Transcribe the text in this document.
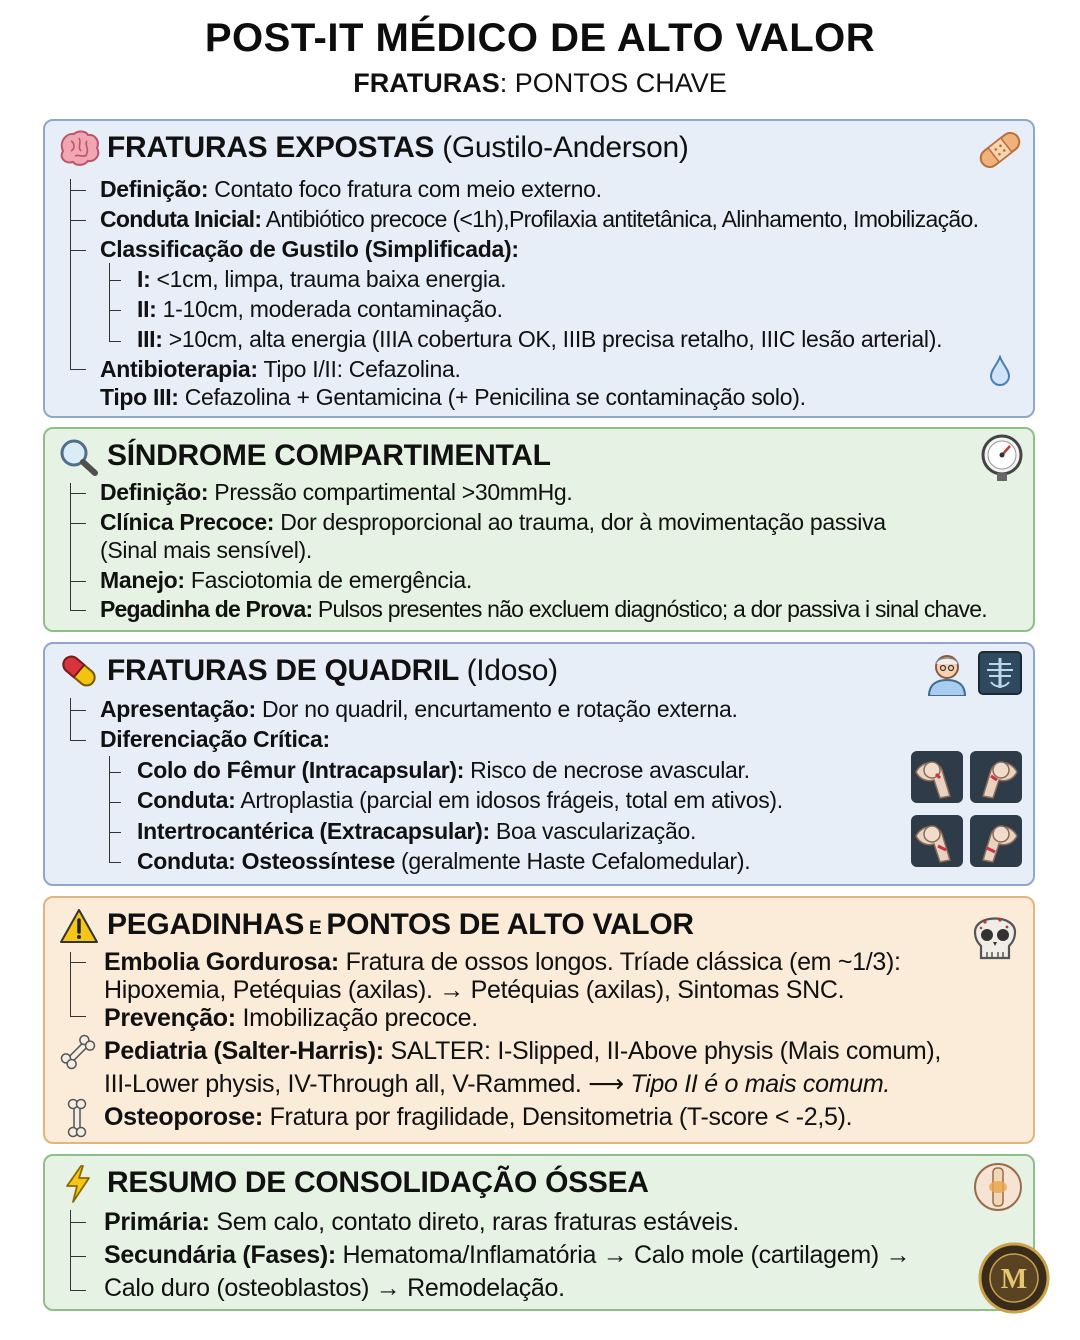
POST-IT MÉDICO DE ALTO VALOR
FRATURAS: PONTOS CHAVE
FRATURAS EXPOSTAS (Gustilo-Anderson)
Definição: Contato foco fratura com meio externo.
Conduta Inicial: Antibiótico precoce (<1h),Profilaxia antitetânica, Alinhamento, Imobilização.
Classificação de Gustilo (Simplificada):
I: <1cm, limpa, trauma baixa energia.
II: 1-10cm, moderada contaminação.
III: >10cm, alta energia (IIIA cobertura OK, IIIB precisa retalho, IIIC lesão arterial).
Antibioterapia: Tipo I/II: Cefazolina.
Tipo III: Cefazolina + Gentamicina (+ Penicilina se contaminação solo).
SÍNDROME COMPARTIMENTAL
Definição: Pressão compartimental >30mmHg.
Clínica Precoce: Dor desproporcional ao trauma, dor à movimentação passiva
(Sinal mais sensível).
Manejo: Fasciotomia de emergência.
Pegadinha de Prova: Pulsos presentes não excluem diagnóstico; a dor passiva i sinal chave.
FRATURAS DE QUADRIL (Idoso)
Apresentação: Dor no quadril, encurtamento e rotação externa.
Diferenciação Crítica:
Colo do Fêmur (Intracapsular): Risco de necrose avascular.
Conduta: Artroplastia (parcial em idosos frágeis, total em ativos).
Intertrocantérica (Extracapsular): Boa vascularização.
Conduta: Osteossíntese (geralmente Haste Cefalomedular).
PEGADINHAS E PONTOS DE ALTO VALOR
Embolia Gordurosa: Fratura de ossos longos. Tríade clássica (em ~1/3):
Hipoxemia, Petéquias (axilas). → Petéquias (axilas), Sintomas SNC.
Prevenção: Imobilização precoce.
Pediatria (Salter-Harris): SALTER: I-Slipped, II-Above physis (Mais comum),
III-Lower physis, IV-Through all, V-Rammed. ⟶ Tipo II é o mais comum.
Osteoporose: Fratura por fragilidade, Densitometria (T-score < -2,5).
RESUMO DE CONSOLIDAÇÃO ÓSSEA
Primária: Sem calo, contato direto, raras fraturas estáveis.
Secundária (Fases): Hematoma/Inflamatória → Calo mole (cartilagem) →
Calo duro (osteoblastos) → Remodelação.	M
